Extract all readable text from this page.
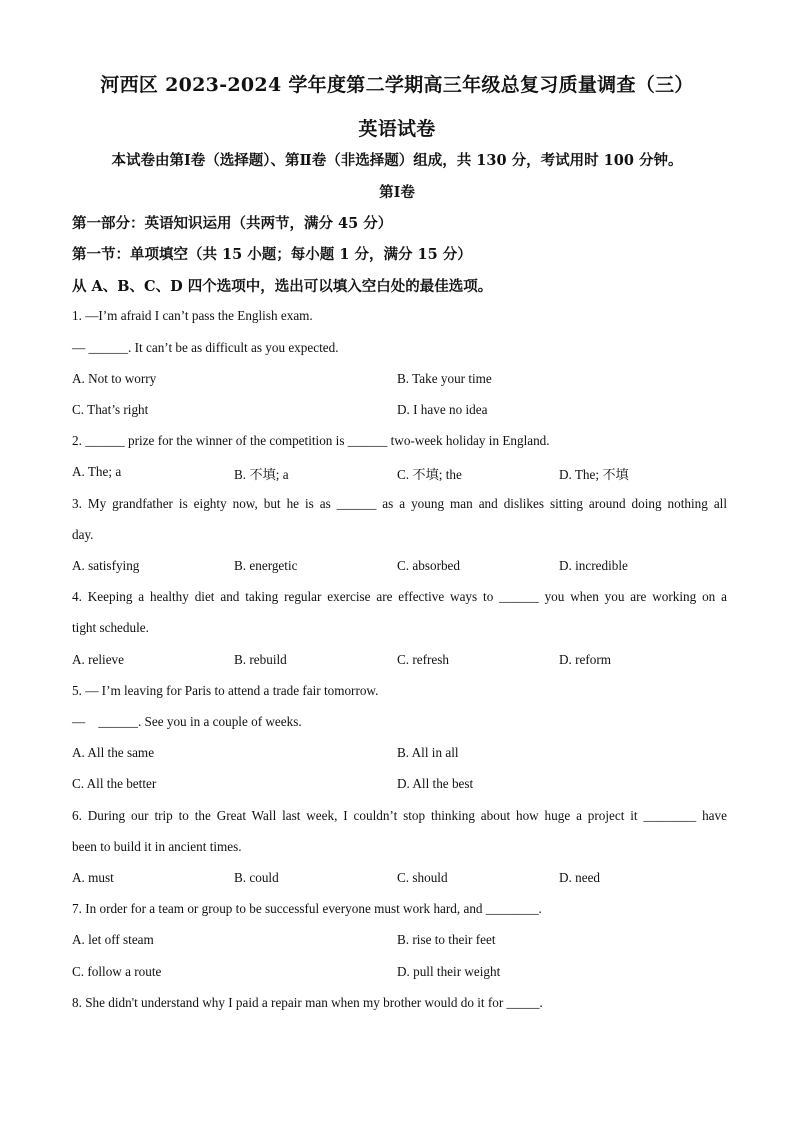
河西区 2023-2024 学年度第二学期高三年级总复习质量调查（三）
英语试卷
本试卷由第Ⅰ卷（选择题）、第Ⅱ卷（非选择题）组成，共 130 分，考试用时 100 分钟。
第Ⅰ卷
第一部分：英语知识运用（共两节，满分 45 分）
第一节：单项填空（共 15 小题；每小题 1 分，满分 15 分）
从 A、B、C、D 四个选项中，选出可以填入空白处的最佳选项。
1. —I’m afraid I can’t pass the English exam.
— ______. It can’t be as difficult as you expected.
A. Not to worry	B. Take your time
C. That’s right	D. I have no idea
2. ______ prize for the winner of the competition is ______ two-week holiday in England.
A. The; a	B. 不填; a	C. 不填; the	D. The; 不填
3. My grandfather is eighty now, but he is as ______ as a young man and dislikes sitting around doing nothing all
day.
A. satisfying	B. energetic	C. absorbed	D. incredible
4. Keeping a healthy diet and taking regular exercise are effective ways to ______ you when you are working on a
tight schedule.
A. relieve	B. rebuild	C. refresh	D. reform
5. — I’m leaving for Paris to attend a trade fair tomorrow.
—    ______. See you in a couple of weeks.
A. All the same	B. All in all
C. All the better	D. All the best
6. During our trip to the Great Wall last week, I couldn’t stop thinking about how huge a project it ________ have
been to build it in ancient times.
A. must	B. could	C. should	D. need
7. In order for a team or group to be successful everyone must work hard, and ________.
A. let off steam	B. rise to their feet
C. follow a route	D. pull their weight
8. She didn't understand why I paid a repair man when my brother would do it for _____.
